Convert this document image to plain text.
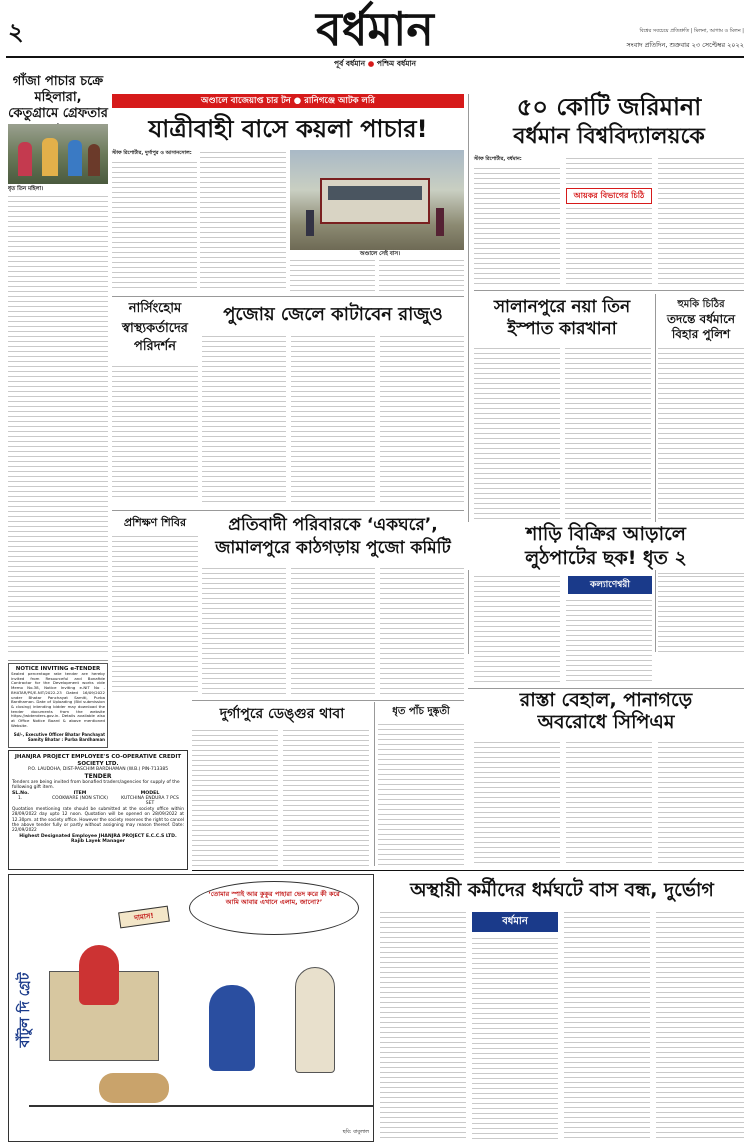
২	বর্ধমান	বিশ্বের সবচেয়ে প্রতিশ্রুতি | মিলনা, আগাম ও মিলন |
সংবাদ প্রতিদিন, শুক্রবার ২৩ সেপ্টেম্বর ২০২২
পূর্ব বর্ধমান ● পশ্চিম বর্ধমান
গাঁজা পাচার চক্রে মহিলারা, কেতুগ্রামে গ্রেফতার
ধৃত তিন মহিলা।
NOTICE INVITING e-TENDER
Sealed percentage rate tender are hereby invited from Resourceful and Bonafide Contractor for the Development works vide Memo No.38, Notice Inviting e-NIT No - BHATAR/PS/E-NIT/2022-23 Dated 16/09/2022 under Bhatar Panchayat Samiti, Purba Bardhaman. Date of Uploading (Bid submission & closing) intending bidder may download the tender documents from the website https://wbtenders.gov.in. Details available also at Office Notice Board & above mentioned Website.
Sd/-, Executive Officer Bhatar Panchayat Samity Bhatar : Purba Bardhaman
JHANJRA PROJECT EMPLOYEE'S CO-OPERATIVE CREDIT SOCIETY LTD.
P.O. LAUDOHA, DIST-PASCHIM BARDHAMAN (W.B.) PIN-713385
TENDER
Tenders are being invited from bonafied traders/agencies for supply of the following gift item.
SL.No.	ITEM	MODEL
1.	COOKWARE (NON STICK)	KUTCHINA ENDURA 7 PCS SET
Quotation mentioning rate should be submitted at the society office within 28/09/2022 day upto 12 noon. Quotation will be opened on 28/09/2022 at 12.30pm. at the society office. However the society reserves the right to cancel the above tender fully or partly without assigning may reason thereof. Date: 22/09/2022
Highest Designated Employee JHANJRA PROJECT E.C.C.S LTD. Rajib Layek Manager
অণ্ডালে বাজেয়াপ্ত চার টন ● রানিগঞ্জে আটক লরি
যাত্রীবাহী বাসে কয়লা পাচার!
স্টাফ রিপোর্টার, দুর্গাপুর ও আসানসোল:
অণ্ডালে সেই বাস।
নার্সিংহোম
স্বাস্থ্যকর্তাদের পরিদর্শন
পুজোয় জেলে কাটাবেন রাজুও
৫০ কোটি জরিমানা
বর্ধমান বিশ্ববিদ্যালয়কে
স্টাফ রিপোর্টার, বর্ধমান:
আয়কর বিভাগের চিঠি
সালানপুরে নয়া তিন ইস্পাত কারখানা
হুমকি চিঠির
তদন্তে বর্ধমানে বিহার পুলিশ
শাড়ি বিক্রির আড়ালে
লুঠপাটের ছক! ধৃত ২
কল্যাণেশ্বরী
প্রতিবাদী পরিবারকে ‘একঘরে’, জামালপুরে কাঠগড়ায় পুজো কমিটি
প্রশিক্ষণ শিবির
দুর্গাপুরে ডেঙ্গুর থাবা	ধৃত পাঁচ দুষ্কৃতী
রাস্তা বেহাল, পানাগড়ে
অবরোধে সিপিএম
অস্থায়ী কর্মীদের ধর্মঘটে বাস বন্ধ, দুর্ভোগ
বর্ধমান
বাঁটুল দি গ্রেট
‘তোমার স্পাই আর কুকুর পাহারা ভেদ করে কী করে আমি আবার এখানে এলাম, জানো?’
দামাস!
ছবি: বাবুলাল
